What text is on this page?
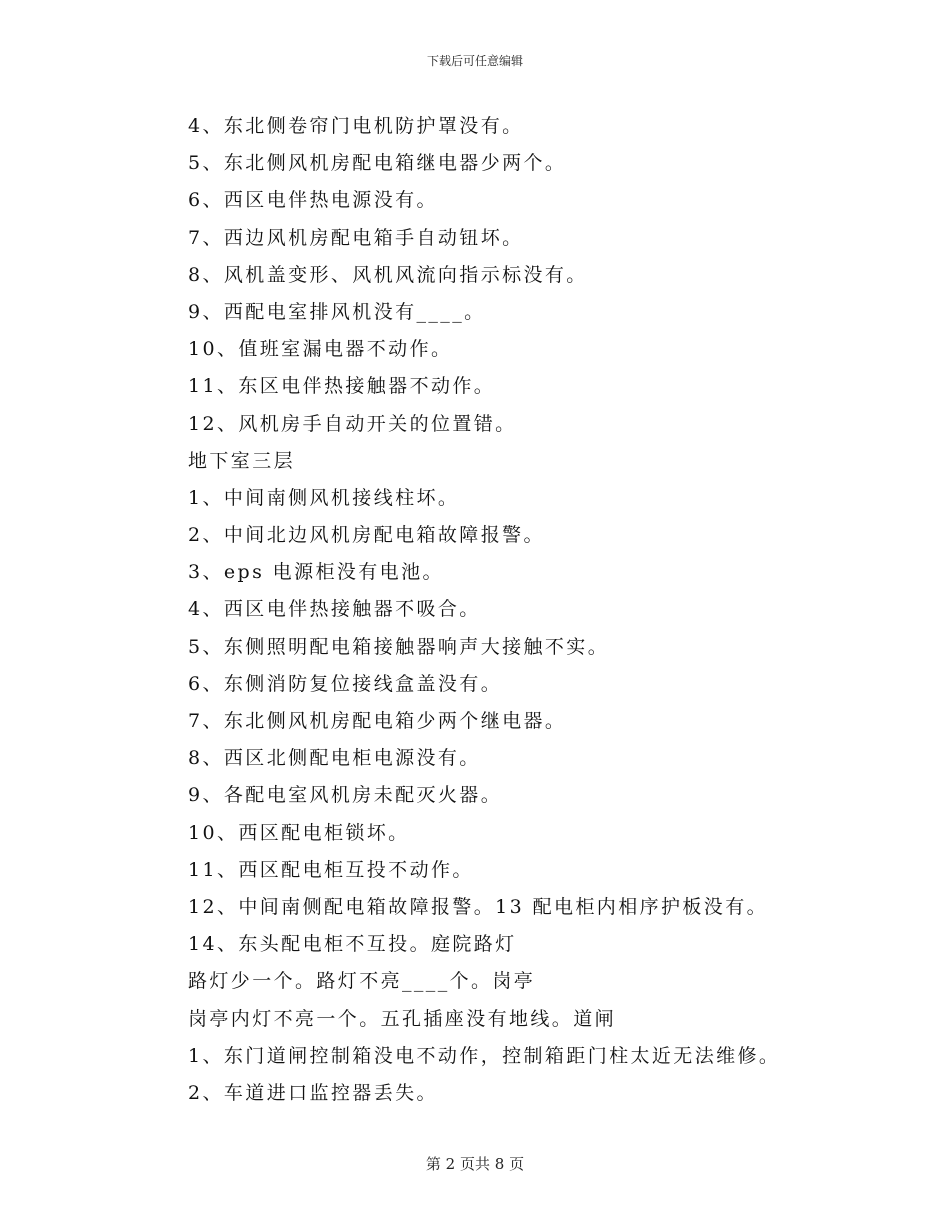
下载后可任意编辑
4、东北侧卷帘门电机防护罩没有。
5、东北侧风机房配电箱继电器少两个。
6、西区电伴热电源没有。
7、西边风机房配电箱手自动钮坏。
8、风机盖变形、风机风流向指示标没有。
9、西配电室排风机没有____。
10、值班室漏电器不动作。
11、东区电伴热接触器不动作。
12、风机房手自动开关的位置错。
地下室三层
1、中间南侧风机接线柱坏。
2、中间北边风机房配电箱故障报警。
3、eps 电源柜没有电池。
4、西区电伴热接触器不吸合。
5、东侧照明配电箱接触器响声大接触不实。
6、东侧消防复位接线盒盖没有。
7、东北侧风机房配电箱少两个继电器。
8、西区北侧配电柜电源没有。
9、各配电室风机房未配灭火器。
10、西区配电柜锁坏。
11、西区配电柜互投不动作。
12、中间南侧配电箱故障报警。13 配电柜内相序护板没有。
14、东头配电柜不互投。庭院路灯
路灯少一个。路灯不亮____个。岗亭
岗亭内灯不亮一个。五孔插座没有地线。道闸
1、东门道闸控制箱没电不动作，控制箱距门柱太近无法维修。
2、车道进口监控器丢失。
第 2 页共 8 页
